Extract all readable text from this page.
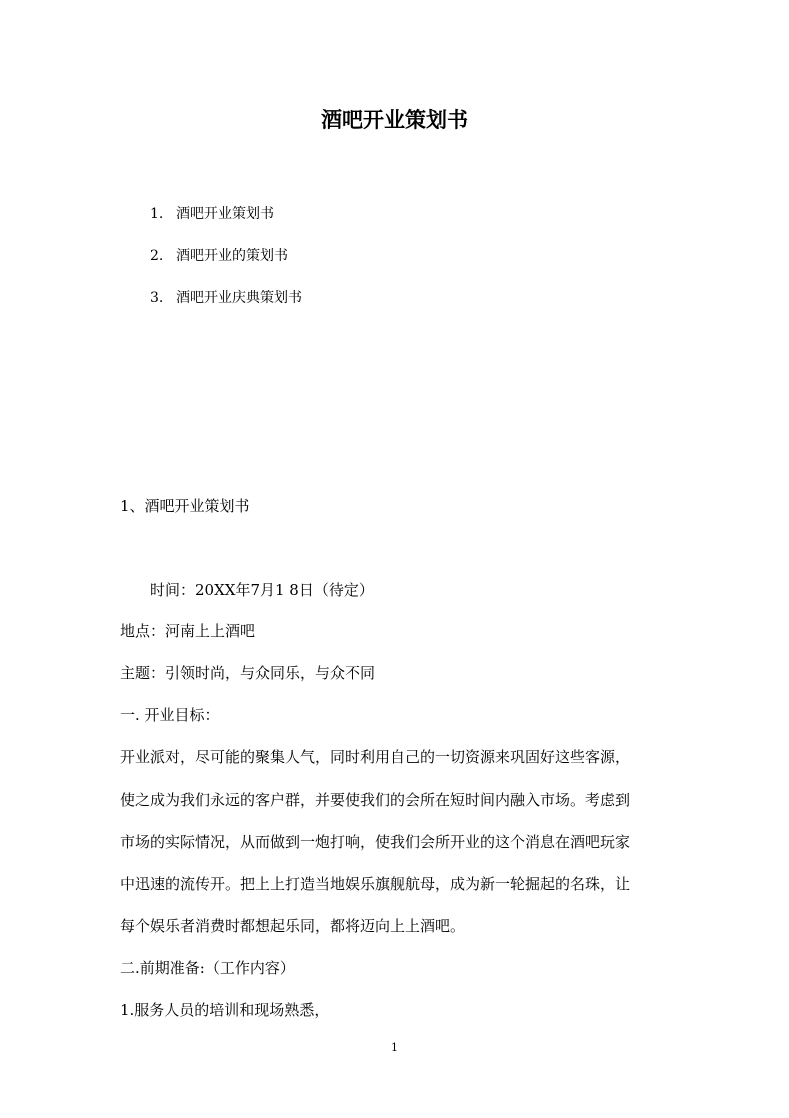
酒吧开业策划书
1. 酒吧开业策划书
2. 酒吧开业的策划书
3. 酒吧开业庆典策划书
1、酒吧开业策划书
时间：20XX年7月1 8日（待定）
地点：河南上上酒吧
主题：引领时尚，与众同乐，与众不同
一. 开业目标：
开业派对，尽可能的聚集人气，同时利用自己的一切资源来巩固好这些客源，
使之成为我们永远的客户群，并要使我们的会所在短时间内融入市场。考虑到
市场的实际情况，从而做到一炮打响，使我们会所开业的这个消息在酒吧玩家
中迅速的流传开。把上上打造当地娱乐旗舰航母，成为新一轮掘起的名珠，让
每个娱乐者消费时都想起乐同，都将迈向上上酒吧。
二.前期准备:（工作内容）
1.服务人员的培训和现场熟悉，
1
